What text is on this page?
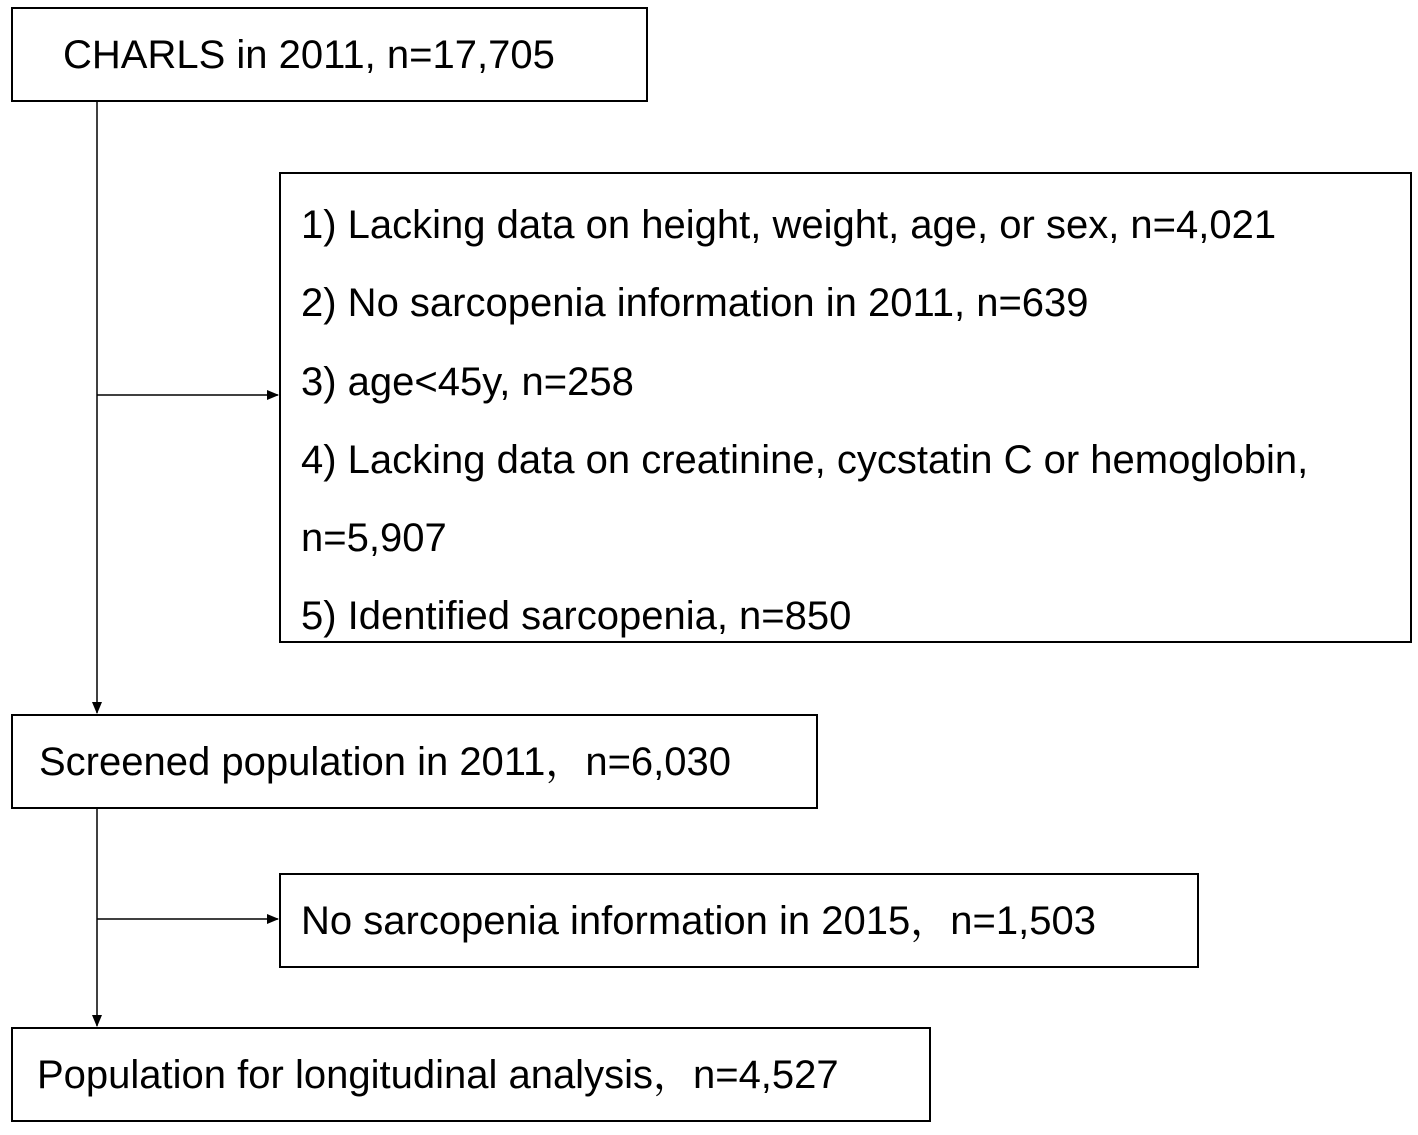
CHARLS in 2011, n=17,705
1) Lacking data on height, weight, age, or sex, n=4,021
2) No sarcopenia information in 2011, n=639
3) age<45y, n=258
4) Lacking data on creatinine, cycstatin C or hemoglobin,
n=5,907
5) Identified sarcopenia, n=850
Screened population in 2011，n=6,030
No sarcopenia information in 2015，n=1,503
Population for longitudinal analysis，n=4,527
